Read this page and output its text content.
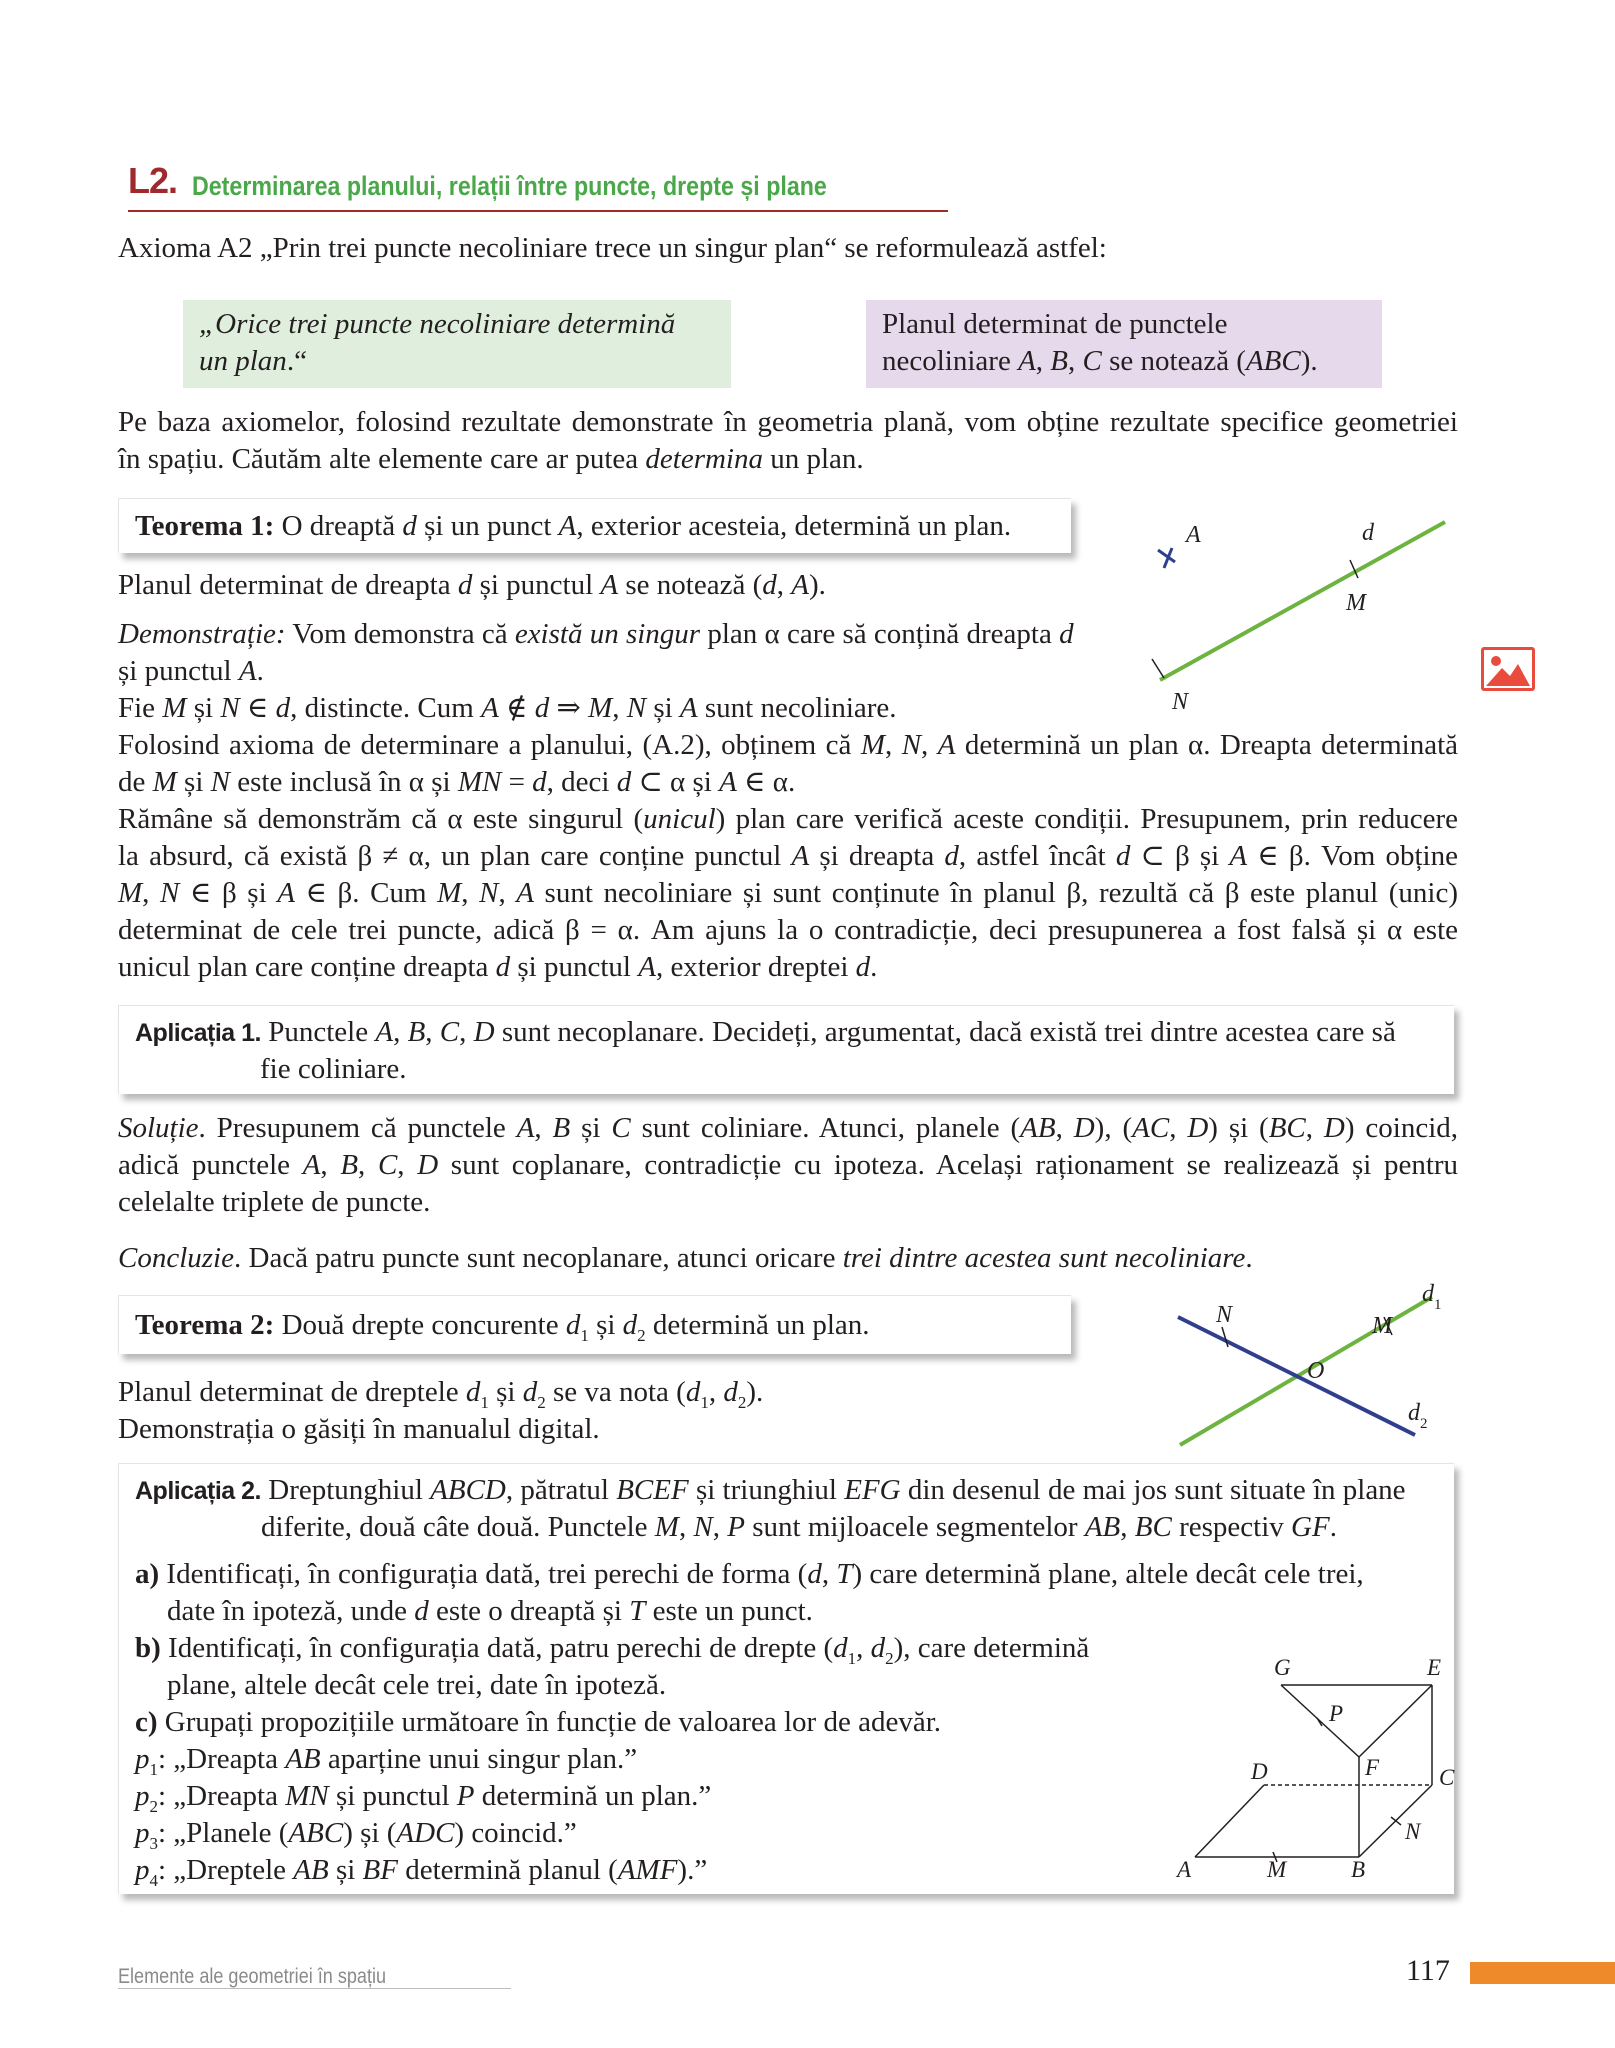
L2. Determinarea planului, relații între puncte, drepte și plane

Axioma A2 „Prin trei puncte necoliniare trece un singur plan“ se reformulează astfel:

„Orice trei puncte necoliniare determină
un plan.“
Planul determinat de punctele
necoliniare A, B, C se notează (ABC).

Pe baza axiomelor, folosind rezultate demonstrate în geometria plană, vom obține rezultate specifice geometriei

în spațiu. Căutăm alte elemente care ar putea determina un plan.

Teorema 1: O dreaptă d și un punct A, exterior acesteia, determină un plan.	A	d
M
N

Planul determinat de dreapta d și punctul A se notează (d, A).

Demonstrație: Vom demonstra că există un singur plan α care să conțină dreapta d

și punctul A.

Fie M și N ∈ d, distincte. Cum A ∉ d ⇒ M, N și A sunt necoliniare.

Folosind axioma de determinare a planului, (A.2), obținem că M, N, A determină un plan α. Dreapta determinată

de M și N este inclusă în α și MN = d, deci d ⊂ α și A ∈ α.

Rămâne să demonstrăm că α este singurul (unicul) plan care verifică aceste condiții. Presupunem, prin reducere

la absurd, că există β ≠ α, un plan care conține punctul A și dreapta d, astfel încât d ⊂ β și A ∈ β. Vom obține

M, N ∈ β și A ∈ β. Cum M, N, A sunt necoliniare și sunt conținute în planul β, rezultă că β este planul (unic)

determinat de cele trei puncte, adică β = α. Am ajuns la o contradicție, deci presupunerea a fost falsă și α este

unicul plan care conține dreapta d și punctul A, exterior dreptei d.

Aplicația 1. Punctele A, B, C, D sunt necoplanare. Decideți, argumentat, dacă există trei dintre acestea care să
fie coliniare.

Soluție. Presupunem că punctele A, B și C sunt coliniare. Atunci, planele (AB, D), (AC, D) și (BC, D) coincid,

adică punctele A, B, C, D sunt coplanare, contradicție cu ipoteza. Același raționament se realizează și pentru

celelalte triplete de puncte.

Concluzie. Dacă patru puncte sunt necoplanare, atunci oricare trei dintre acestea sunt necoliniare.

Teorema 2: Două drepte concurente $d_1$ și $d_2$ determină un plan.	N	M
$d_1$
O
$d_2$

Planul determinat de dreptele $d_1$ și $d_2$ se va nota ($d_1$, $d_2$).

Demonstrația o găsiți în manualul digital.

Aplicația 2. Dreptunghiul ABCD, pătratul BCEF și triunghiul EFG din desenul de mai jos sunt situate în plane
diferite, două câte două. Punctele M, N, P sunt mijloacele segmentelor AB, BC respectiv GF.
a) Identificați, în configurația dată, trei perechi de forma (d, T) care determină plane, altele decât cele trei,
date în ipoteză, unde d este o dreaptă și T este un punct.
b) Identificați, în configurația dată, patru perechi de drepte ($d_1$, $d_2$), care determină
plane, altele decât cele trei, date în ipoteză.
c) Grupați propozițiile următoare în funcție de valoarea lor de adevăr.
$p_1$: „Dreapta AB aparține unui singur plan.”
$p_2$: „Dreapta MN și punctul P determină un plan.”
$p_3$: „Planele (ABC) și (ADC) coincid.”
$p_4$: „Dreptele AB și BF determină planul (AMF).”
G	E
P
D	F	C
N
A	M	B
Elemente ale geometriei în spațiu	117
